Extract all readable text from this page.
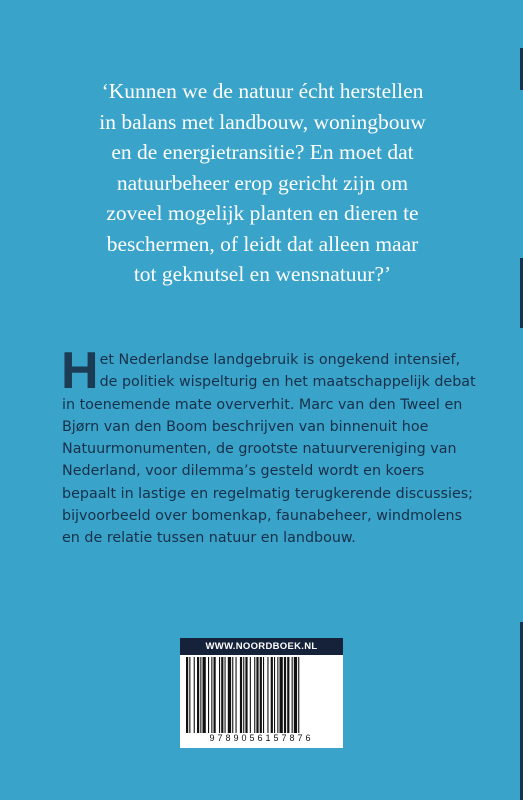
‘Kunnen we de natuur écht herstellen
in balans met landbouw, woningbouw
en de energietransitie? En moet dat
natuurbeheer erop gericht zijn om
zoveel mogelijk planten en dieren te
beschermen, of leidt dat alleen maar
tot geknutsel en wensnatuur?’

H et Nederlandse landgebruik is ongekend intensief, de politiek wispelturig en het maatschappelijk debat in toenemende mate oververhit. Marc van den Tweel en Bjørn van den Boom beschrijven van binnenuit hoe Natuurmonumenten, de grootste natuurvereniging van Nederland, voor dilemma’s gesteld wordt en koers bepaalt in lastige en regelmatig terugkerende discussies; bijvoorbeeld over bomenkap, faunabeheer, windmolens en de relatie tussen natuur en landbouw.

WWW.NOORDBOEK.NL
9789056157876
